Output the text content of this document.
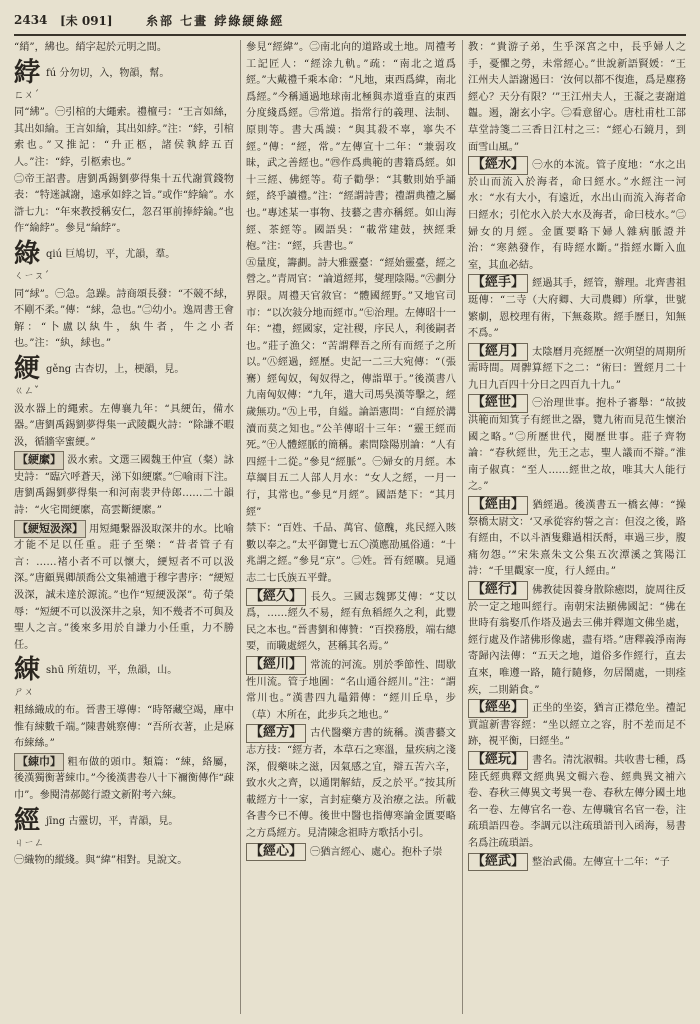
2434	[未 091]	糸部 七畫 綍綠綆綠經
“綃”，紼也。綃字起於元明之間。
綍fú 分勿切，入，物韻，幫。
ㄈㄨˊ
同“紼”。㊀引棺的大繩索。禮檀弓：“王言如絲，其出如綸。王言如綸，其出如綍。”注：“綍，引棺索也。”又推記：“升正柩，諸侯執綍五百人。”注：“綍，引柩索也。”
㊁帝王詔書。唐劉禹錫劉夢得集十五代謝賞錢物表：“特迷誠謝，遠承如綍之旨。”或作“綍綸”。水滸七九：“年來教授稱安仁，忽召軍前捧綍綸。”也作“綸綍”。參見“綸綍”。
綠qiú 巨鳩切，平，尤韻，羣。
ㄑㄧㄡˊ
同“絿”。㊀急。急躁。詩商頌長發：“不競不絿，不剛不柔。”傳：“絿，急也。”㊁幼小。逸周書王會解：“卜盧以紈牛，紈牛者，牛之小者也。”注：“紈，絿也。”
綆gěng 古杏切，上，梗韻，見。
ㄍㄥˇ
汲水器上的繩索。左傳襄九年：“具綆缶，備水器。”唐劉禹錫劉夢得集一武陵觀火詩：“除謙不暇汲，循牆宰蜜綆。”
【綆縻】 汲水索。文選三國魏王仲宣（粲）詠史詩：“臨穴呼蒼天，涕下如綆縻。”㊀喻雨下注。唐劉禹錫劉夢得集一和河南裴尹侍郎……二十韻詩：“火宅閒綆縻，高雲斷綆縻。”
【綆短汲深】 用短繩繫器汲取深井的水。比喻才能不足以任重。莊子至樂：“昔者管子有言：……褚小者不可以懷大，綆短者不可以汲深。”唐顧異卿颉喬公文集補遺于穆字書序：“綆短汲深，誠未達於源流。”也作“短綆汲深”。荀子榮辱：“短綆不可以汲深井之泉，知不幾者不可與及聖人之言。”後來多用於自謙力小任重，力不勝任。
綀shū 所葅切，平，魚韻，山。
ㄕㄨ
粗絲織成的布。晉書王導傳：“時帑藏空竭，庫中惟有綀數千端。”陳書姚察傳：“吾所衣著，止是麻布綀絲。”
【綀巾】 粗布做的頭巾。類篇：“綀，絡屬，後漢獨衡著綀巾。”今後漢書卷八十下禰衡傳作“疎巾”。參閱清郝懿行證文新附考六綀。
經jīng 古靈切，平，青韻，見。
ㄐㄧㄥ
㊀織物的縱綫。與“緯”相對。見說文。
參見“經緯”。㊁南北向的道路或土地。周禮考工記匠人：“經涂九軌。”疏：“南北之道爲經。”大戴禮千乘本命：“凡地，東西爲緯，南北爲經。”今稱通過地球南北極與赤道垂直的東西分度綫爲經。㊂常道。指常行的義理、法制、原則等。書大禹謨：“與其殺不辜，寧失不經。”傳：“經，常。”左傳宣十二年：“兼弱攻昧，武之善經也。”㊃作爲典範的書籍爲經。如十三經、佛經等。荀子勸學：“其數則始乎誦經，終乎讀禮。”注：“經謂詩書；禮謂典禮之屬也。”專述某一事物、技藝之書亦稱經。如山海經、茶經等。國語吳：“載常建鼓，挾經秉枹。”注：“經，兵書也。”
㊄量度，籌劃。詩大雅靈臺：“經始靈臺，經之營之。”青周官：“論道經邦，燮理陰陽。”㊅劃分界限。周禮天官敘官：“體國經野。”又地官司市：“以次敍分地而經市。”㊆治理。左傳昭十一年：“禮，經國家，定社稷，序民人，利後嗣者也。”莊子漁父：“苦謂釋吾之所有而經子之所以。”㊇經過，經歷。史記一二三大宛傳：“（張騫）經匈奴，匈奴得之，傳詣單于。”後漢書八九南匈奴傳：“九年，遣大司馬吳漢等擊之，經歲無功。”㊈上弔，自縊。論語憲問：“自經於溝瀆而莫之知也。”公羊傳昭十三年：“靈王經而死。”㊉人體經脈的簡稱。素問陰陽別論：“人有四經十二從。”參見“經脈”。㊀婦女的月經。本草綱目五二人部人月水：“女人之經，一月一行，其常也。”參見“月經”。國語楚下：“其月經”
禁下：“百姓、千品、萬官、億醜，兆民經入賅數以奉之。”太平御覽七五〇漢應劭風俗通：“十兆謂之經。”參見“京”。㊁姓。晉有經曠。見通志二七氏族五平聲。
【經久】 長久。三國志魏鄧艾傳：“艾以爲，……經久不易，經有魚稻經久之利，此豐民之本也。”晉書劉和傳贊：“百揆務殷，端右總要，而職處經久，甚稱其名焉。”
【經川】 常流的河流。別於季節性、間歇性川流。管子地圖：“名山通谷經川。”注：“謂常川也。”漢書四九鼂錯傳：“經川丘阜，步（草）木所在，此步兵之地也。”
【經方】 古代醫藥方書的統稱。漢書藝文志方技：“經方者，本草石之寒溫，量疾病之淺深，假藥味之滋，因氣感之宜，辯五苦六辛，致水火之齊，以通閉解結，反之於平。”按其所載經方十一家，言封症藥方及治療之法。所載各書今已不傳。後世中醫也指傳寒論金匱要略之方爲經方。見清陳念祖時方歌括小引。
【經心】 ㊀猶言經心、處心。抱朴子崇
教：“貴游子弟，生乎深宮之中，長乎婦人之手，憂懼之勞，未常經心。”世說新語賢媛：“王江州夫人語謝遏曰：‘汝何以都不復進，爲是塵務經心？天分有限？’”王江州夫人，王凝之妻謝道韞。遏，謝玄小字。㊁看意留心。唐杜甫杜工部草堂詩箋二三香日江村之三：“經心石鏡月，到面雪山風。”
【經水】 ㊀水的本流。管子度地：“水之出於山而流入於海者，命曰經水。”水經注一河水：“水有大小，有遠近，水出山而流入海者命曰經水；引佗水入於大水及海者，命曰枝水。”㊁婦女的月經。金匱要略下婦人雜病脈證并治：“寒熱發作，有時經水斷。”指經水斷入血室，其血必結。
【經手】 經過其手，經管，辦理。北齊書祖珽傳：“二寺（大府卿、大司農卿）所掌，世號繁劇，恩校理有術，下無姦欺。經手歷日，知無不爲。”
【經月】 太陰曆月亮經歷一次朔望的周期所需時間。周髀算經下之二：“術曰：置經月二十九日九百四十分日之四百九十九。”
【經世】 ㊀治理世事。抱朴子審舉：“故披洪範而知箕子有經世之器，覽九術而見范生懷治國之略。”㊁所歷世代，閱歷世事。莊子齊物論：“春秋經世，先王之志，聖人議而不辯。”淮南子俶真：“至人……經世之故，唯其大人能行之。”
【經由】 猶經過。後漢書五一橋玄傳：“操祭橋太尉文：‘又承從容約誓之言：但沒之後，路有經由，不以斗酒隻雞過相沃酹，車過三步，腹痛勿怨。’”宋朱熹朱文公集五次潭溪之箕陽江詩：“千里觀家一度，行人經由。”
【經行】 佛教徒因養身散除癒悶，旋周往反於一定之地叫經行。南朝宋法顯佛國記：“佛在世時有翁娶爪作塔及過去三佛并釋迦文佛坐處，經行處及作諸佛形像處，盡有塔。”唐釋義淨南海寄歸內法傳：“五天之地，道俗多作經行，直去直來，唯遵一路，隨行隨修，勿居鬧處，一則痊疾，二則銷食。”
【經坐】 正坐的坐姿，猶言正襟危坐。禮記賈誼新書容經：“坐以經立之容，肘不差而足不跡，視平衡，曰經坐。”
【經玩】 書名。清沈淑輯。共收書七種，爲陸氏經典釋文經典異文輯六卷、經典異文補六卷、春秋三傳異文考異一卷、春秋左傳分國土地名一卷、左傳官名一卷、左傳職官名官一卷，注疏瑣語四卷。李調元以注疏瑣語刊入函海，易書名爲注疏瑣語。
【經武】 整治武備。左傳宣十二年：“子
